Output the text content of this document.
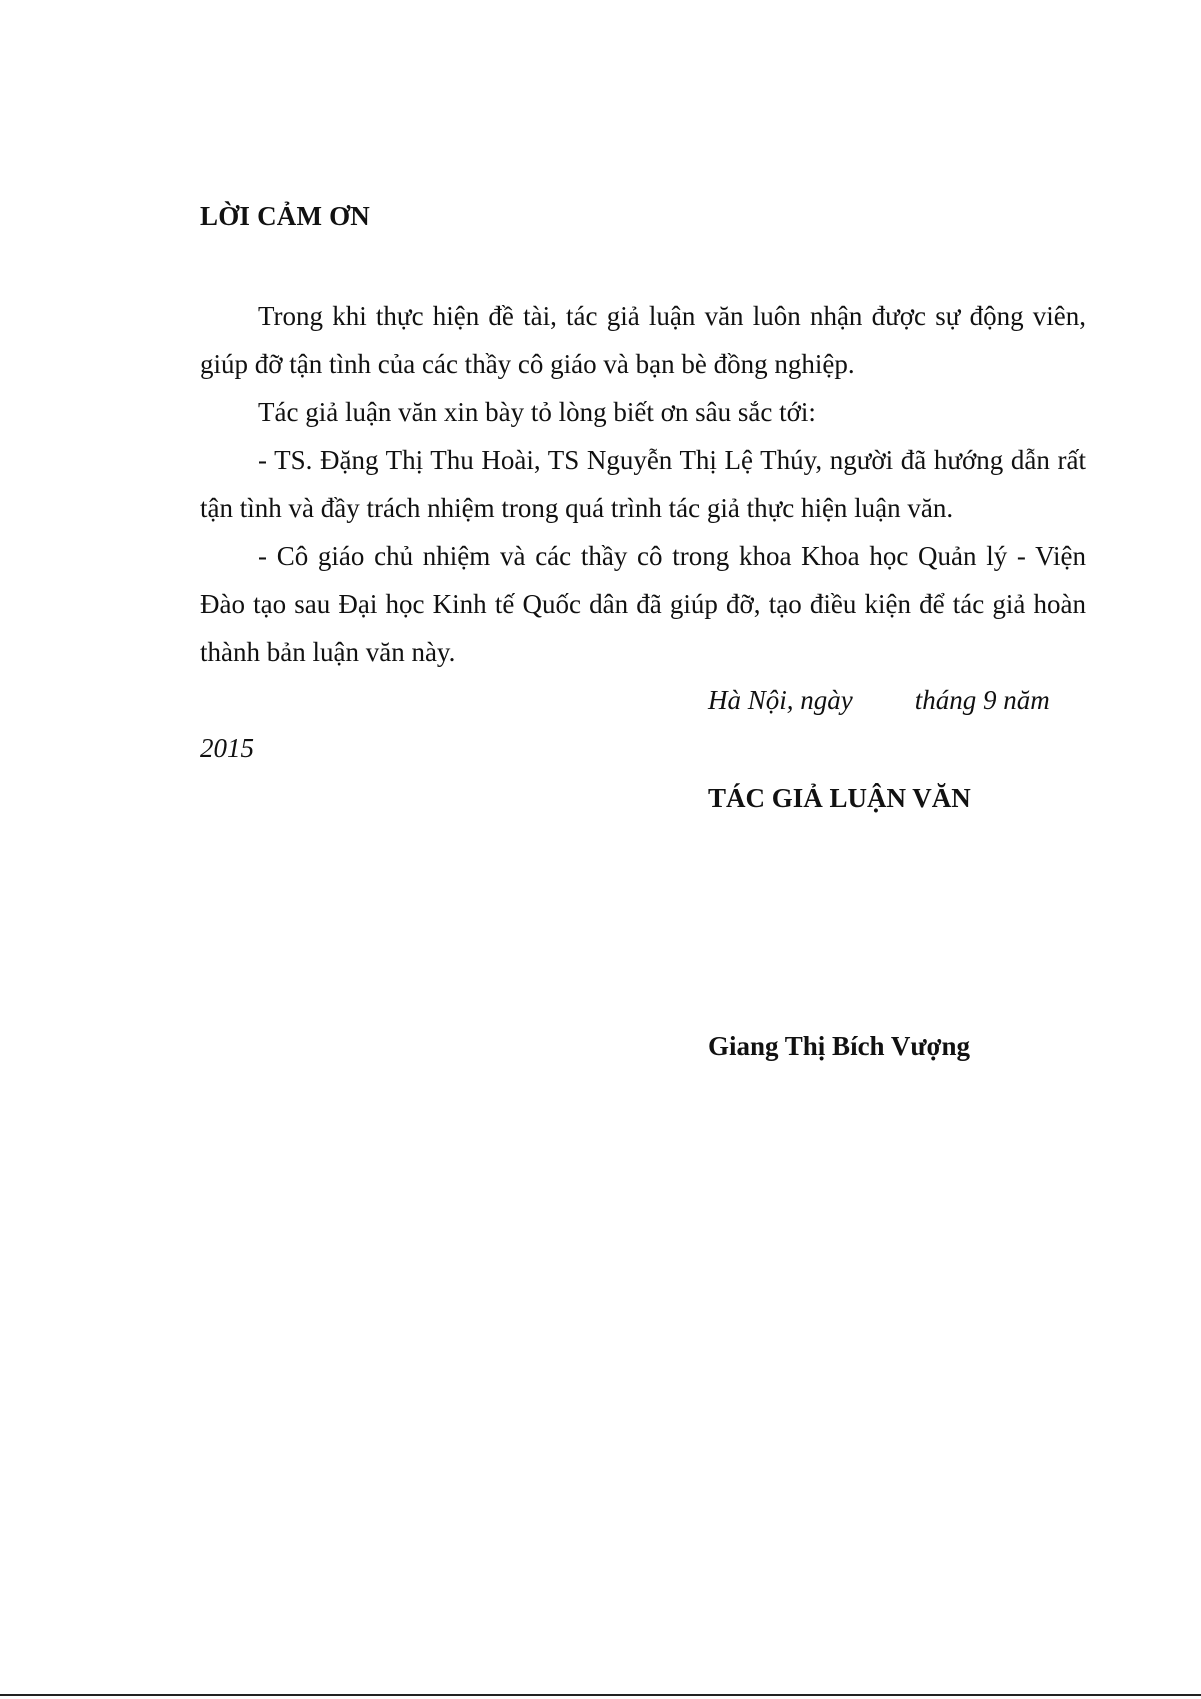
LỜI CẢM ƠN

Trong khi thực hiện đề tài, tác giả luận văn luôn nhận được sự động viên, giúp đỡ tận tình của các thầy cô giáo và bạn bè đồng nghiệp.

Tác giả luận văn xin bày tỏ lòng biết ơn sâu sắc tới:

- TS. Đặng Thị Thu Hoài, TS Nguyễn Thị Lệ Thúy, người đã hướng dẫn rất tận tình và đầy trách nhiệm trong quá trình tác giả thực hiện luận văn.

- Cô giáo chủ nhiệm và các thầy cô trong khoa Khoa học Quản lý - Viện Đào tạo sau Đại học Kinh tế Quốc dân đã giúp đỡ, tạo điều kiện để tác giả hoàn thành bản luận văn này.

Hà Nội, ngày tháng 9 năm

2015

TÁC GIẢ LUẬN VĂN

Giang Thị Bích Vượng
